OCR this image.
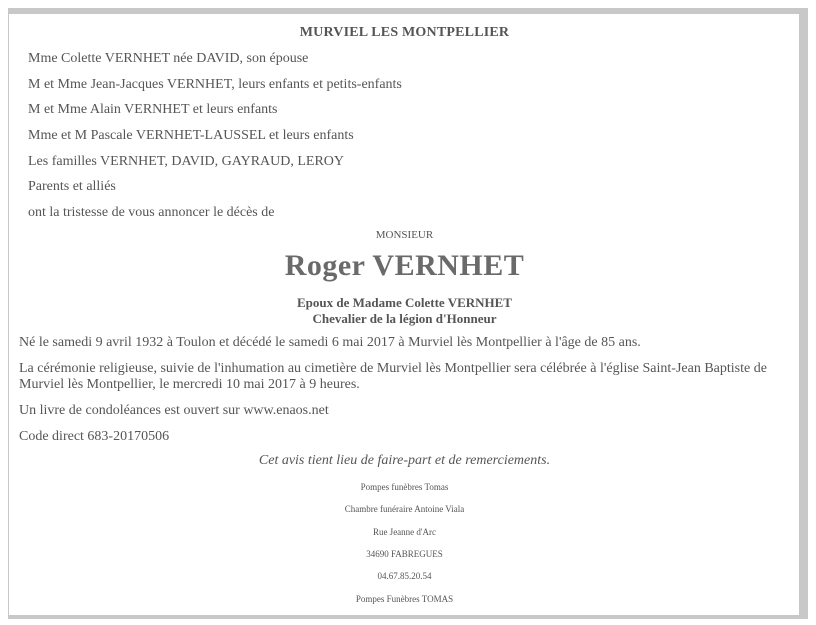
MURVIEL LES MONTPELLIER
Mme Colette VERNHET née DAVID, son épouse
M et Mme Jean-Jacques VERNHET, leurs enfants et petits-enfants
M et Mme Alain VERNHET et leurs enfants
Mme et M Pascale VERNHET-LAUSSEL et leurs enfants
Les familles VERNHET, DAVID, GAYRAUD, LEROY
Parents et alliés
ont la tristesse de vous annoncer le décès de
MONSIEUR
Roger VERNHET
Epoux de Madame Colette VERNHET
Chevalier de la légion d'Honneur
Né le samedi 9 avril 1932 à Toulon et décédé le samedi 6 mai 2017 à Murviel lès Montpellier à l'âge de 85 ans.
La cérémonie religieuse, suivie de l'inhumation au cimetière de Murviel lès Montpellier sera célébrée à l'église Saint-Jean Baptiste de Murviel lès Montpellier, le mercredi 10 mai 2017 à 9 heures.
Un livre de condoléances est ouvert sur www.enaos.net
Code direct 683-20170506
Cet avis tient lieu de faire-part et de remerciements.
Pompes funèbres Tomas
Chambre funéraire Antoine Viala
Rue Jeanne d'Arc
34690 FABREGUES
04.67.85.20.54
Pompes Funèbres TOMAS
